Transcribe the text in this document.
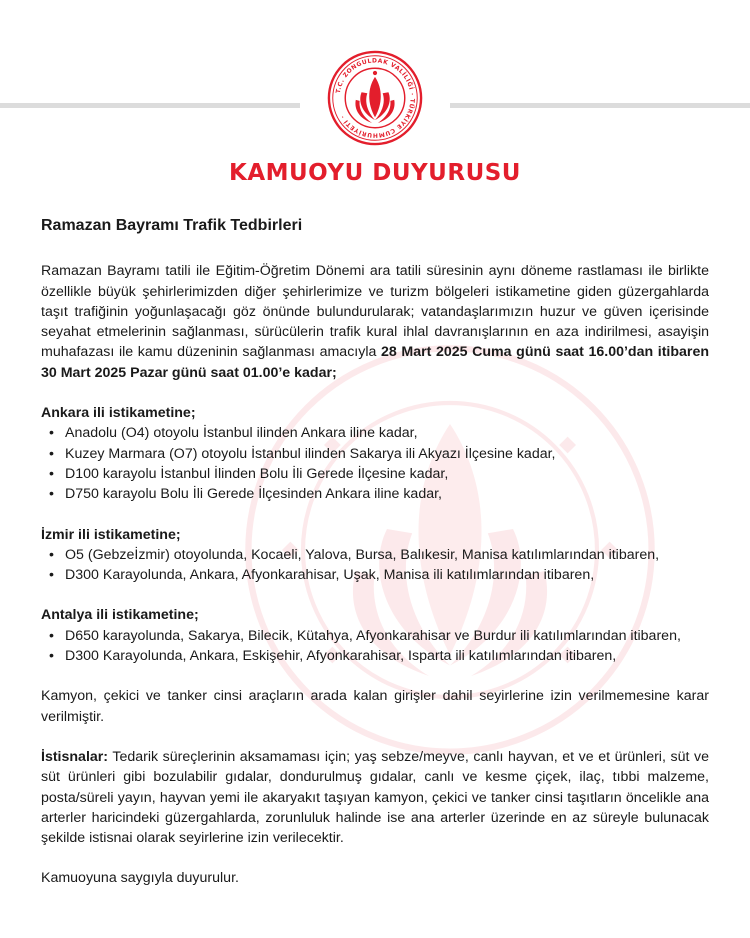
T.C. ZONGULDAK VALİLİĞİ · TÜRKİYE CUMHURİYETİ ·
KAMUOYU DUYURUSU

Ramazan Bayramı Trafik Tedbirleri

Ramazan Bayramı tatili ile Eğitim-Öğretim Dönemi ara tatili süresinin aynı döneme rastlaması ile birlikte özellikle büyük şehirlerimizden diğer şehirlerimize ve turizm bölgeleri istikametine giden güzergahlarda taşıt trafiğinin yoğunlaşacağı göz önünde bulundurularak; vatandaşlarımızın huzur ve güven içerisinde seyahat etmelerinin sağlanması, sürücülerin trafik kural ihlal davranışlarının en aza indirilmesi, asayişin muhafazası ile kamu düzeninin sağlanması amacıyla 28 Mart 2025 Cuma günü saat 16.00’dan itibaren 30 Mart 2025 Pazar günü saat 01.00’e kadar;

Ankara ili istikametine;

• Anadolu (O4) otoyolu İstanbul ilinden Ankara iline kadar,
• Kuzey Marmara (O7) otoyolu İstanbul ilinden Sakarya ili Akyazı İlçesine kadar,
• D100 karayolu İstanbul İlinden Bolu İli Gerede İlçesine kadar,
• D750 karayolu Bolu İli Gerede İlçesinden Ankara iline kadar,

İzmir ili istikametine;

• O5 (Gebzeİzmir) otoyolunda, Kocaeli, Yalova, Bursa, Balıkesir, Manisa katılımlarından itibaren,
• D300 Karayolunda, Ankara, Afyonkarahisar, Uşak, Manisa ili katılımlarından itibaren,

Antalya ili istikametine;

• D650 karayolunda, Sakarya, Bilecik, Kütahya, Afyonkarahisar ve Burdur ili katılımlarından itibaren,
• D300 Karayolunda, Ankara, Eskişehir, Afyonkarahisar, Isparta ili katılımlarından itibaren,

Kamyon, çekici ve tanker cinsi araçların arada kalan girişler dahil seyirlerine izin verilmemesine karar verilmiştir.

İstisnalar: Tedarik süreçlerinin aksamaması için; yaş sebze/meyve, canlı hayvan, et ve et ürünleri, süt ve süt ürünleri gibi bozulabilir gıdalar, dondurulmuş gıdalar, canlı ve kesme çiçek, ilaç, tıbbi malzeme, posta/süreli yayın, hayvan yemi ile akaryakıt taşıyan kamyon, çekici ve tanker cinsi taşıtların öncelikle ana arterler haricindeki güzergahlarda, zorunluluk halinde ise ana arterler üzerinde en az süreyle bulunacak şekilde istisnai olarak seyirlerine izin verilecektir.

Kamuoyuna saygıyla duyurulur.
